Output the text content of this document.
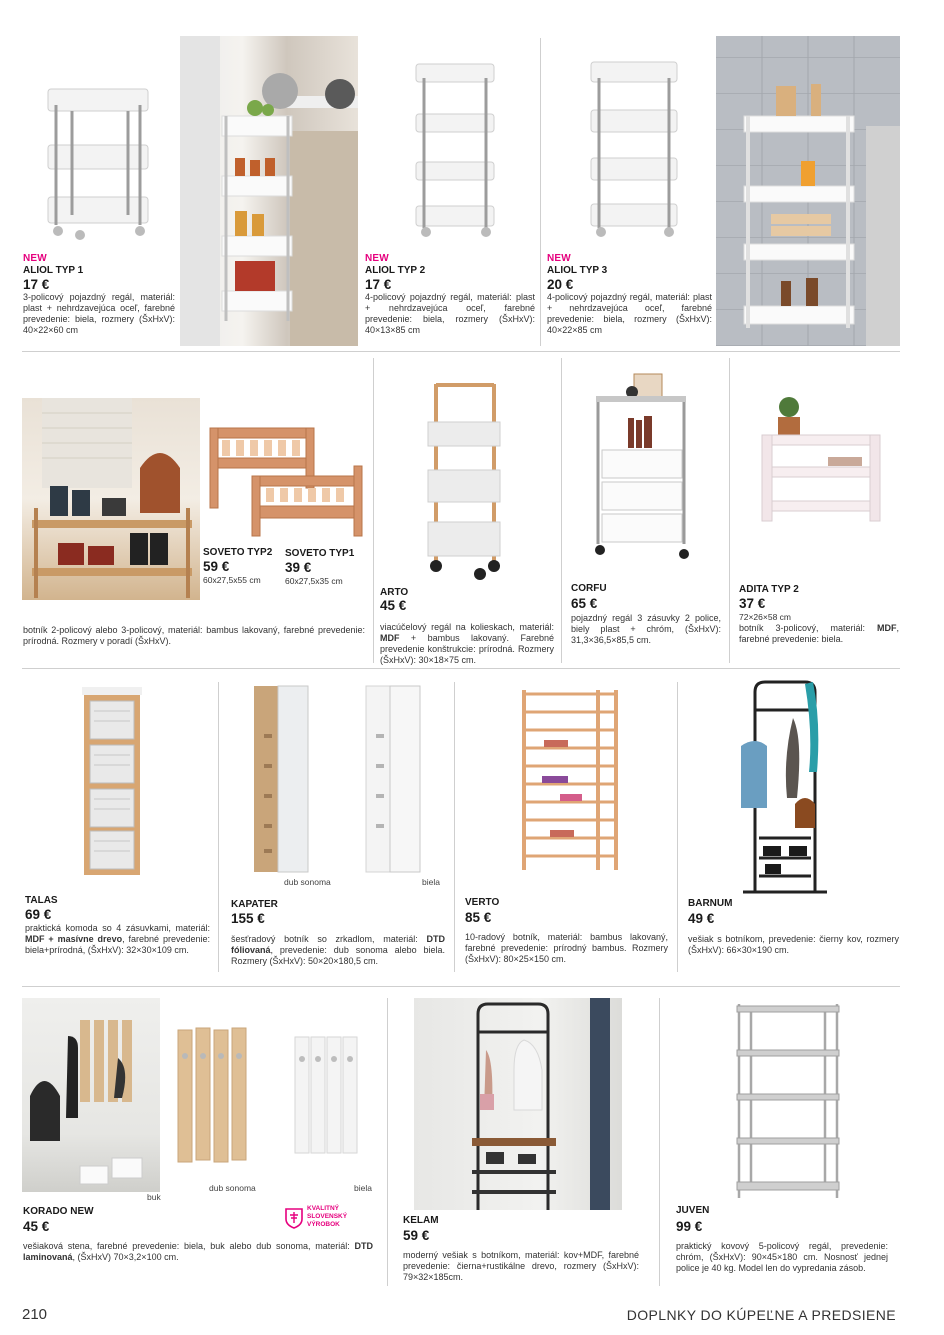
NEW
ALIOL TYP 1
17 €
3-policový pojazdný regál, materiál: plast + nehrdzavejúca oceľ, farebné prevedenie: biela, rozmery (ŠxHxV): 40×22×60 cm
NEW
ALIOL TYP 2
17 €
4-policový pojazdný regál, materiál: plast + nehrdzavejúca oceľ, farebné prevedenie: biela, rozmery (ŠxHxV): 40×13×85 cm
NEW
ALIOL TYP 3
20 €
4-policový pojazdný regál, materiál: plast + nehrdzavejúca oceľ, farebné prevedenie: biela, rozmery (ŠxHxV): 40×22×85 cm
SOVETO TYP2
59 €
60x27,5x55 cm
SOVETO TYP1
39 €
60x27,5x35 cm
botník 2-policový alebo 3-policový, materiál: bambus lakovaný, farebné prevedenie: prírodná. Rozmery v poradí (ŠxHxV).
ARTO
45 €
viacúčelový regál na kolieskach, materiál: MDF + bambus lakovaný. Farebné prevedenie konštrukcie: prírodná. Rozmery (ŠxHxV): 30×18×75 cm.
CORFU
65 €
pojazdný regál 3 zásuvky 2 police, biely plast + chróm, (ŠxHxV): 31,3×36,5×85,5 cm.
ADITA TYP 2
37 €
72×26×58 cm
botník 3-policový, materiál: MDF, farebné prevedenie: biela.
TALAS
69 €
praktická komoda so 4 zásuvkami, materiál: MDF + masívne drevo, farebné prevedenie: biela+prírodná, (ŠxHxV): 32×30×109 cm.
dub sonoma	biela
KAPATER
155 €
šesťradový botník so zrkadlom, materiál: DTD fóliovaná, prevedenie: dub sonoma alebo biela. Rozmery (ŠxHxV): 50×20×180,5 cm.
VERTO
85 €
10-radový botník, materiál: bambus lakovaný, farebné prevedenie: prírodný bambus. Rozmery (ŠxHxV): 80×25×150 cm.
BARNUM
49 €
vešiak s botníkom, prevedenie: čierny kov, rozmery (ŠxHxV): 66×30×190 cm.
buk
dub sonoma	biela
KORADO NEW
45 €
vešiaková stena, farebné prevedenie: biela, buk alebo dub sonoma, materiál: DTD laminovaná, (ŠxHxV) 70×3,2×100 cm.
KVALITNÝ
SLOVENSKÝ
VÝROBOK	KELAM
59 €
moderný vešiak s botníkom, materiál: kov+MDF, farebné prevedenie: čierna+rustikálne drevo, rozmery (ŠxHxV): 79×32×185cm.
JUVEN
99 €
praktický kovový 5-policový regál, prevedenie: chróm, (ŠxHxV): 90×45×180 cm. Nosnosť jednej police je 40 kg. Model len do vypredania zásob.
210	DOPLNKY DO KÚPEĽNE A PREDSIENE
